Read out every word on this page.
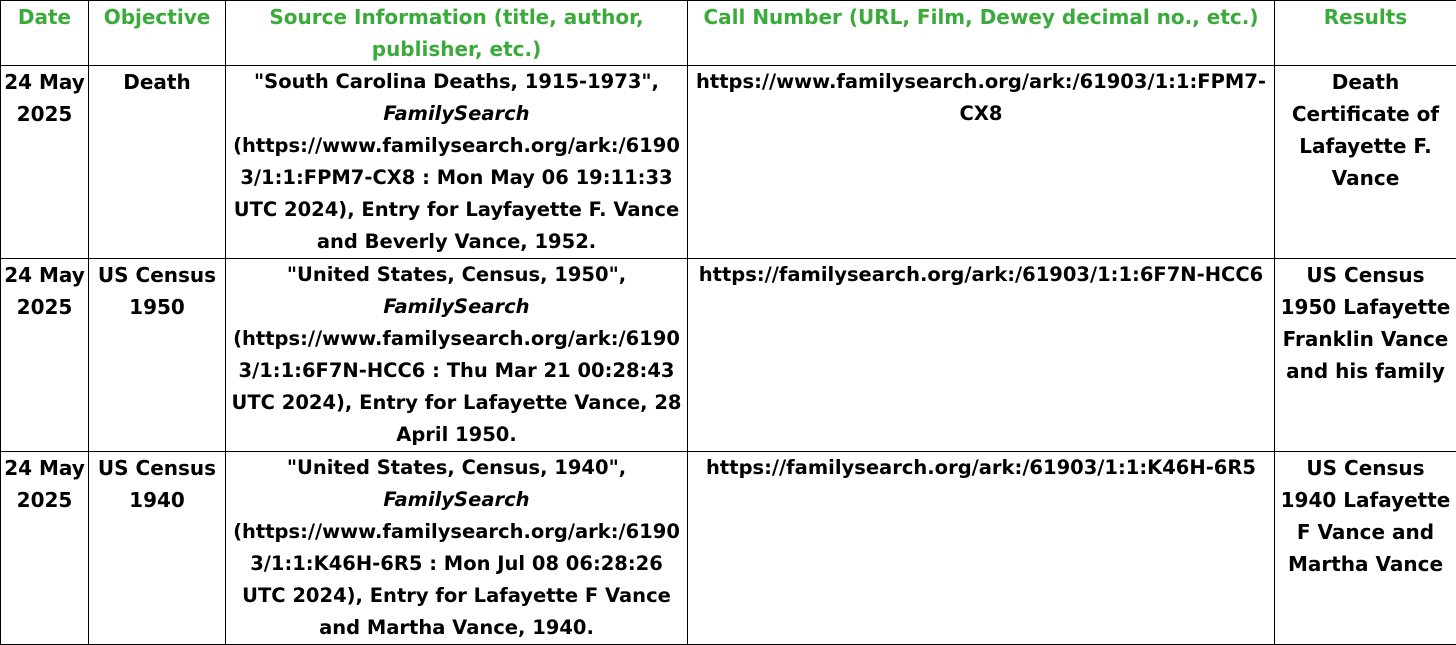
Date	Objective	Source Information (title, author, publisher, etc.)	Call Number (URL, Film, Dewey decimal no., etc.)	Results
24 May 2025	Death	"South Carolina Deaths, 1915-1973", FamilySearch (https://www.familysearch.org/ark:/61903/1:1:FPM7-CX8 : Mon May 06 19:11:33 UTC 2024), Entry for Layfayette F. Vance and Beverly Vance, 1952.	https://www.familysearch.org/ark:/61903/1:1:FPM7-CX8	Death Certificate of Lafayette F. Vance
24 May 2025	US Census 1950	"United States, Census, 1950", FamilySearch (https://www.familysearch.org/ark:/61903/1:1:6F7N-HCC6 : Thu Mar 21 00:28:43 UTC 2024), Entry for Lafayette Vance, 28 April 1950.	https://familysearch.org/ark:/61903/1:1:6F7N-HCC6	US Census 1950 Lafayette Franklin Vance and his family
24 May 2025	US Census 1940	"United States, Census, 1940", FamilySearch (https://www.familysearch.org/ark:/61903/1:1:K46H-6R5 : Mon Jul 08 06:28:26 UTC 2024), Entry for Lafayette F Vance and Martha Vance, 1940.	https://familysearch.org/ark:/61903/1:1:K46H-6R5	US Census 1940 Lafayette F Vance and Martha Vance
